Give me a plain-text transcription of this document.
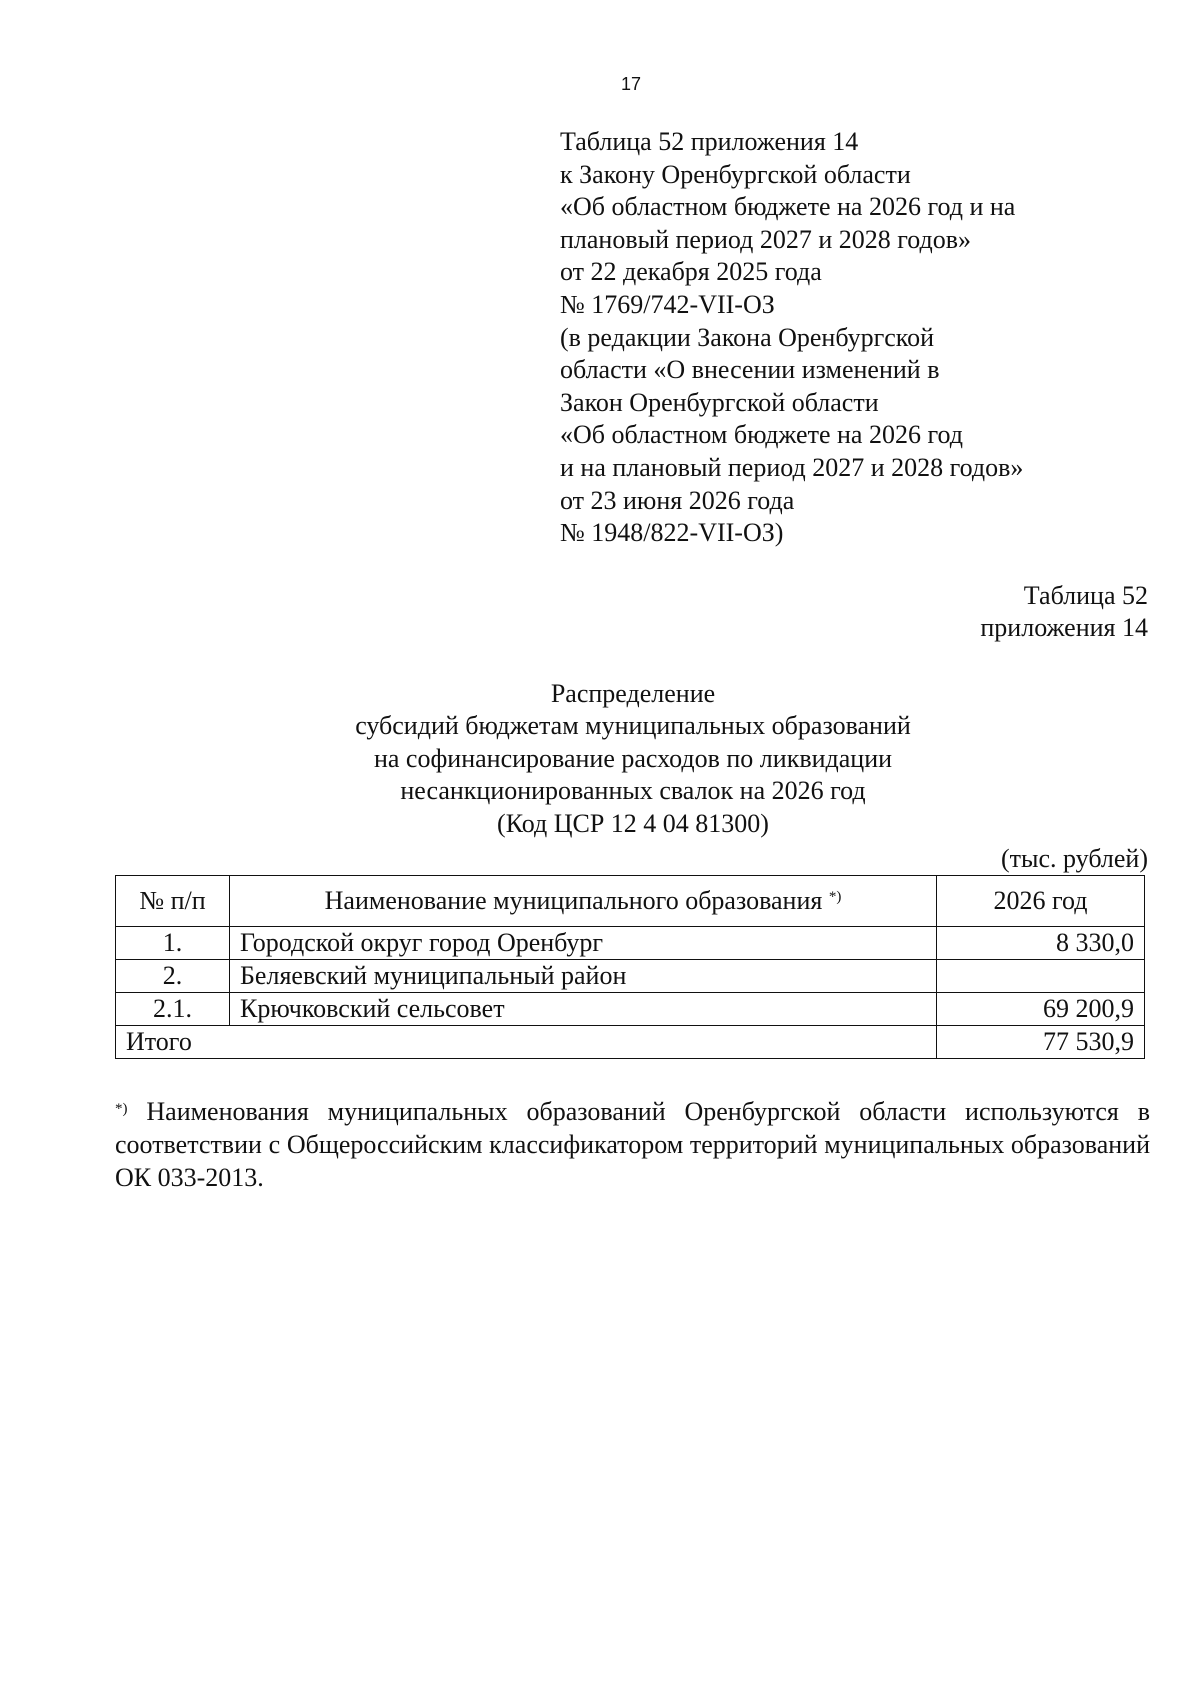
17
Таблица 52 приложения 14
к Закону Оренбургской области
«Об областном бюджете на 2026 год и на
плановый период 2027 и 2028 годов»
от 22 декабря 2025 года
№ 1769/742-VII-ОЗ
(в редакции Закона Оренбургской
области «О внесении изменений в
Закон Оренбургской области
«Об областном бюджете на 2026 год
и на плановый период 2027 и 2028 годов»
от 23 июня 2026 года
№ 1948/822-VII-ОЗ)
Таблица 52
приложения 14
Распределение
субсидий бюджетам муниципальных образований
на софинансирование расходов по ликвидации
несанкционированных свалок на 2026 год
(Код ЦСР 12 4 04 81300)
(тыс. рублей)
№ п/п	Наименование муниципального образования *)	2026 год
1.	Городской округ город Оренбург	8 330,0
2.	Беляевский муниципальный район	
2.1.	Крючковский сельсовет	69 200,9
Итого		77 530,9
*) Наименования муниципальных образований Оренбургской области используются в соответствии с Общероссийским классификатором территорий муниципальных образований ОК 033-2013.
